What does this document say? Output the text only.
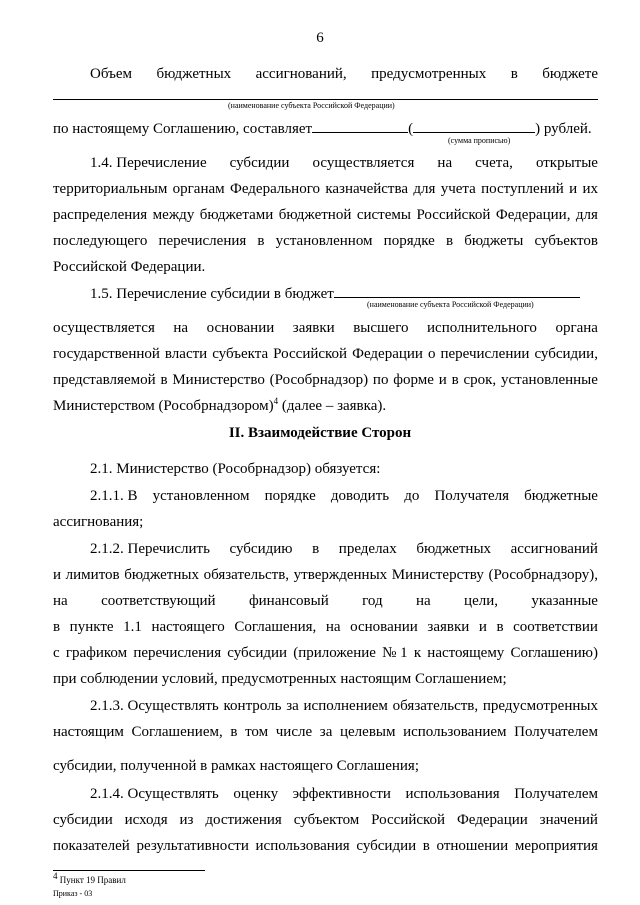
6
Объем бюджетных ассигнований, предусмотренных в бюджете
(наименование субъекта Российской Федерации)
по настоящему Соглашению, составляет	(	) рублей.
(сумма прописью)
1.4. Перечисление субсидии осуществляется на счета, открытые
территориальным органам Федерального казначейства для учета поступлений и их
распределения между бюджетами бюджетной системы Российской Федерации, для
последующего перечисления в установленном порядке в бюджеты субъектов
Российской Федерации.
1.5. Перечисление субсидии в бюджет
(наименование субъекта Российской Федерации)
осуществляется на основании заявки высшего исполнительного органа
государственной власти субъекта Российской Федерации о перечислении субсидии,
представляемой в Министерство (Рособрнадзор) по форме и в срок, установленные
Министерством (Рособрнадзором)$^4$ (далее – заявка).
II. Взаимодействие Сторон
2.1. Министерство (Рособрнадзор) обязуется:
2.1.1. В установленном порядке доводить до Получателя бюджетные
ассигнования;
2.1.2. Перечислить субсидию в пределах бюджетных ассигнований
и лимитов бюджетных обязательств, утвержденных Министерству (Рособрнадзору),
на соответствующий финансовый год на цели, указанные
в пункте 1.1 настоящего Соглашения, на основании заявки и в соответствии
с графиком перечисления субсидии (приложение № 1 к настоящему Соглашению)
при соблюдении условий, предусмотренных настоящим Соглашением;
2.1.3. Осуществлять контроль за исполнением обязательств, предусмотренных
настоящим Соглашением, в том числе за целевым использованием Получателем
субсидии, полученной в рамках настоящего Соглашения;
2.1.4. Осуществлять оценку эффективности использования Получателем
субсидии исходя из достижения субъектом Российской Федерации значений
показателей результативности использования субсидии в отношении мероприятия
4 Пункт 19 Правил
Приказ - 03
